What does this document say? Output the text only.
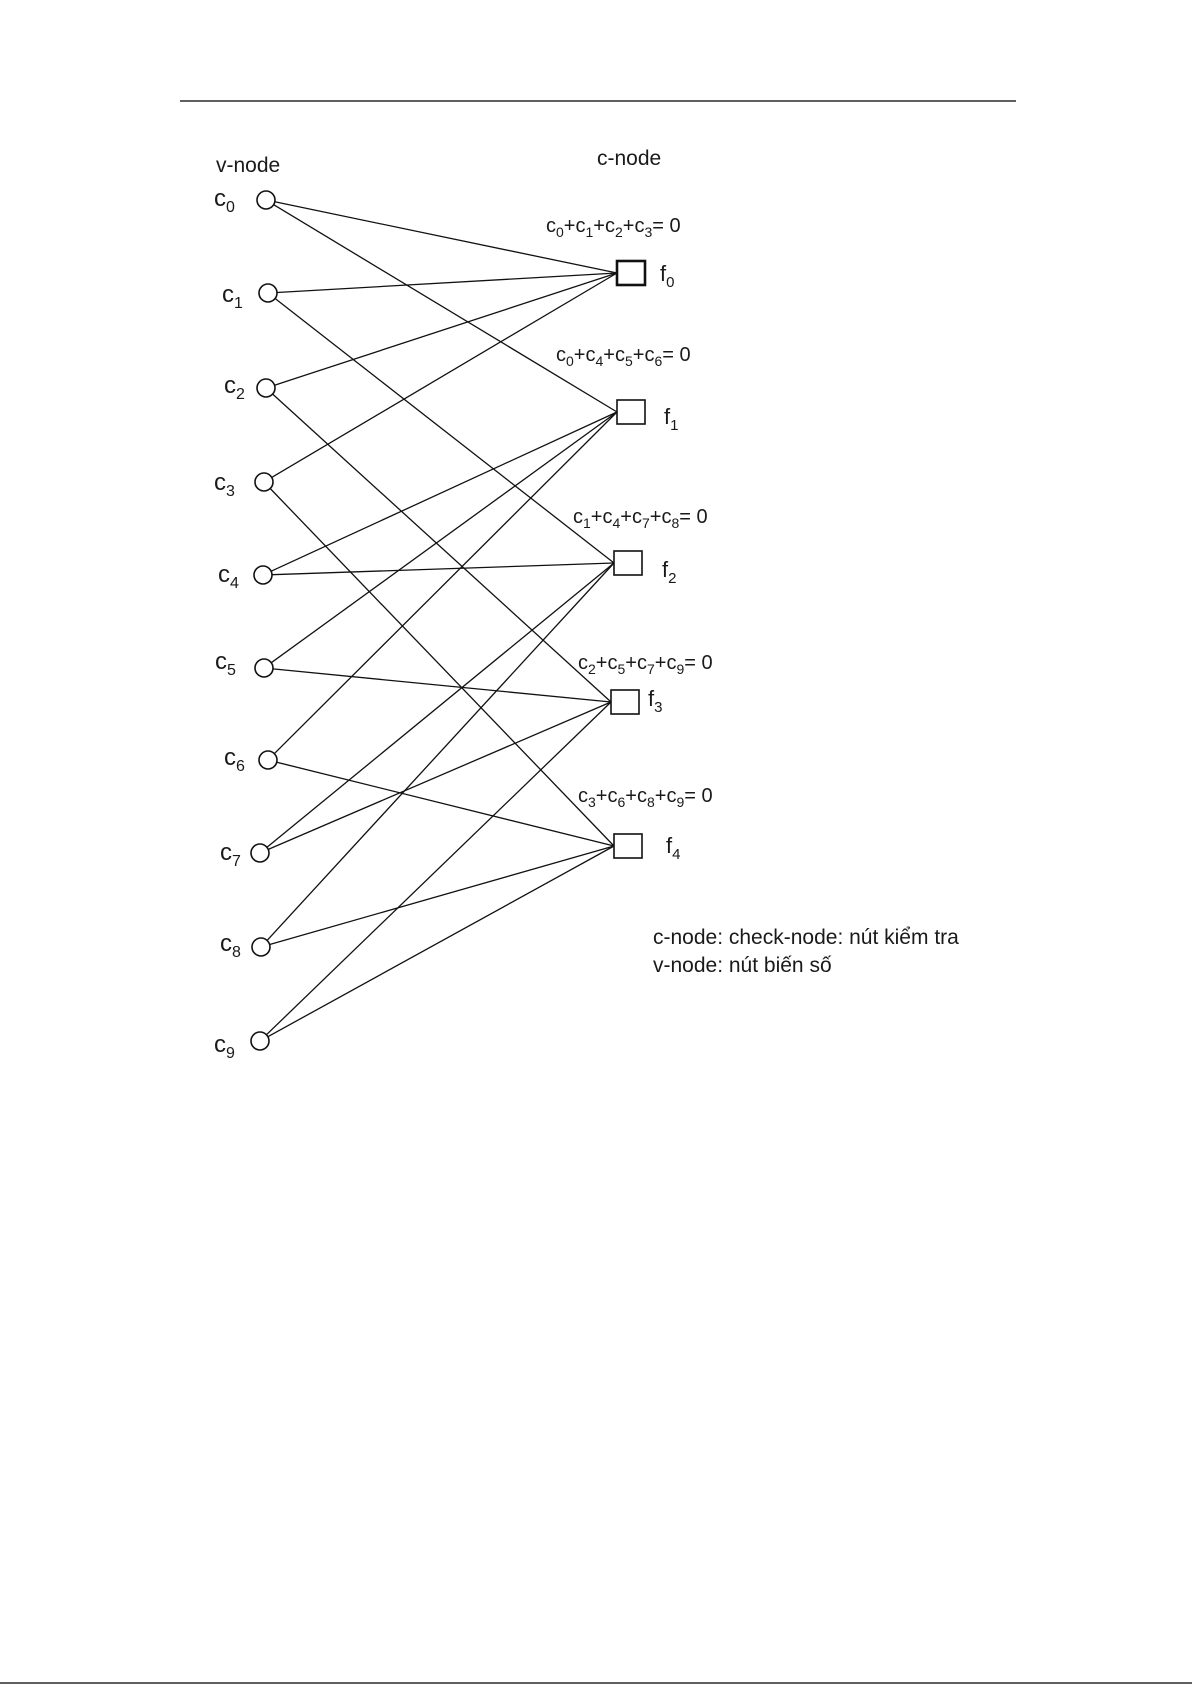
v-node	c-node
$c_0$
$c_1$
$c_2$
$c_3$
$c_4$
$c_5$
$c_6$
$c_7$
$c_8$
$c_9$
$f_0$
$f_1$
$f_2$
$f_3$
$f_4$
$c_0+c_1+c_2+c_3= 0$
$c_0+c_4+c_5+c_6= 0$
$c_1+c_4+c_7+c_8= 0$
$c_2+c_5+c_7+c_9= 0$
$c_3+c_6+c_8+c_9= 0$
c-node: check-node: nút kiểm tra
v-node: nút biến số
